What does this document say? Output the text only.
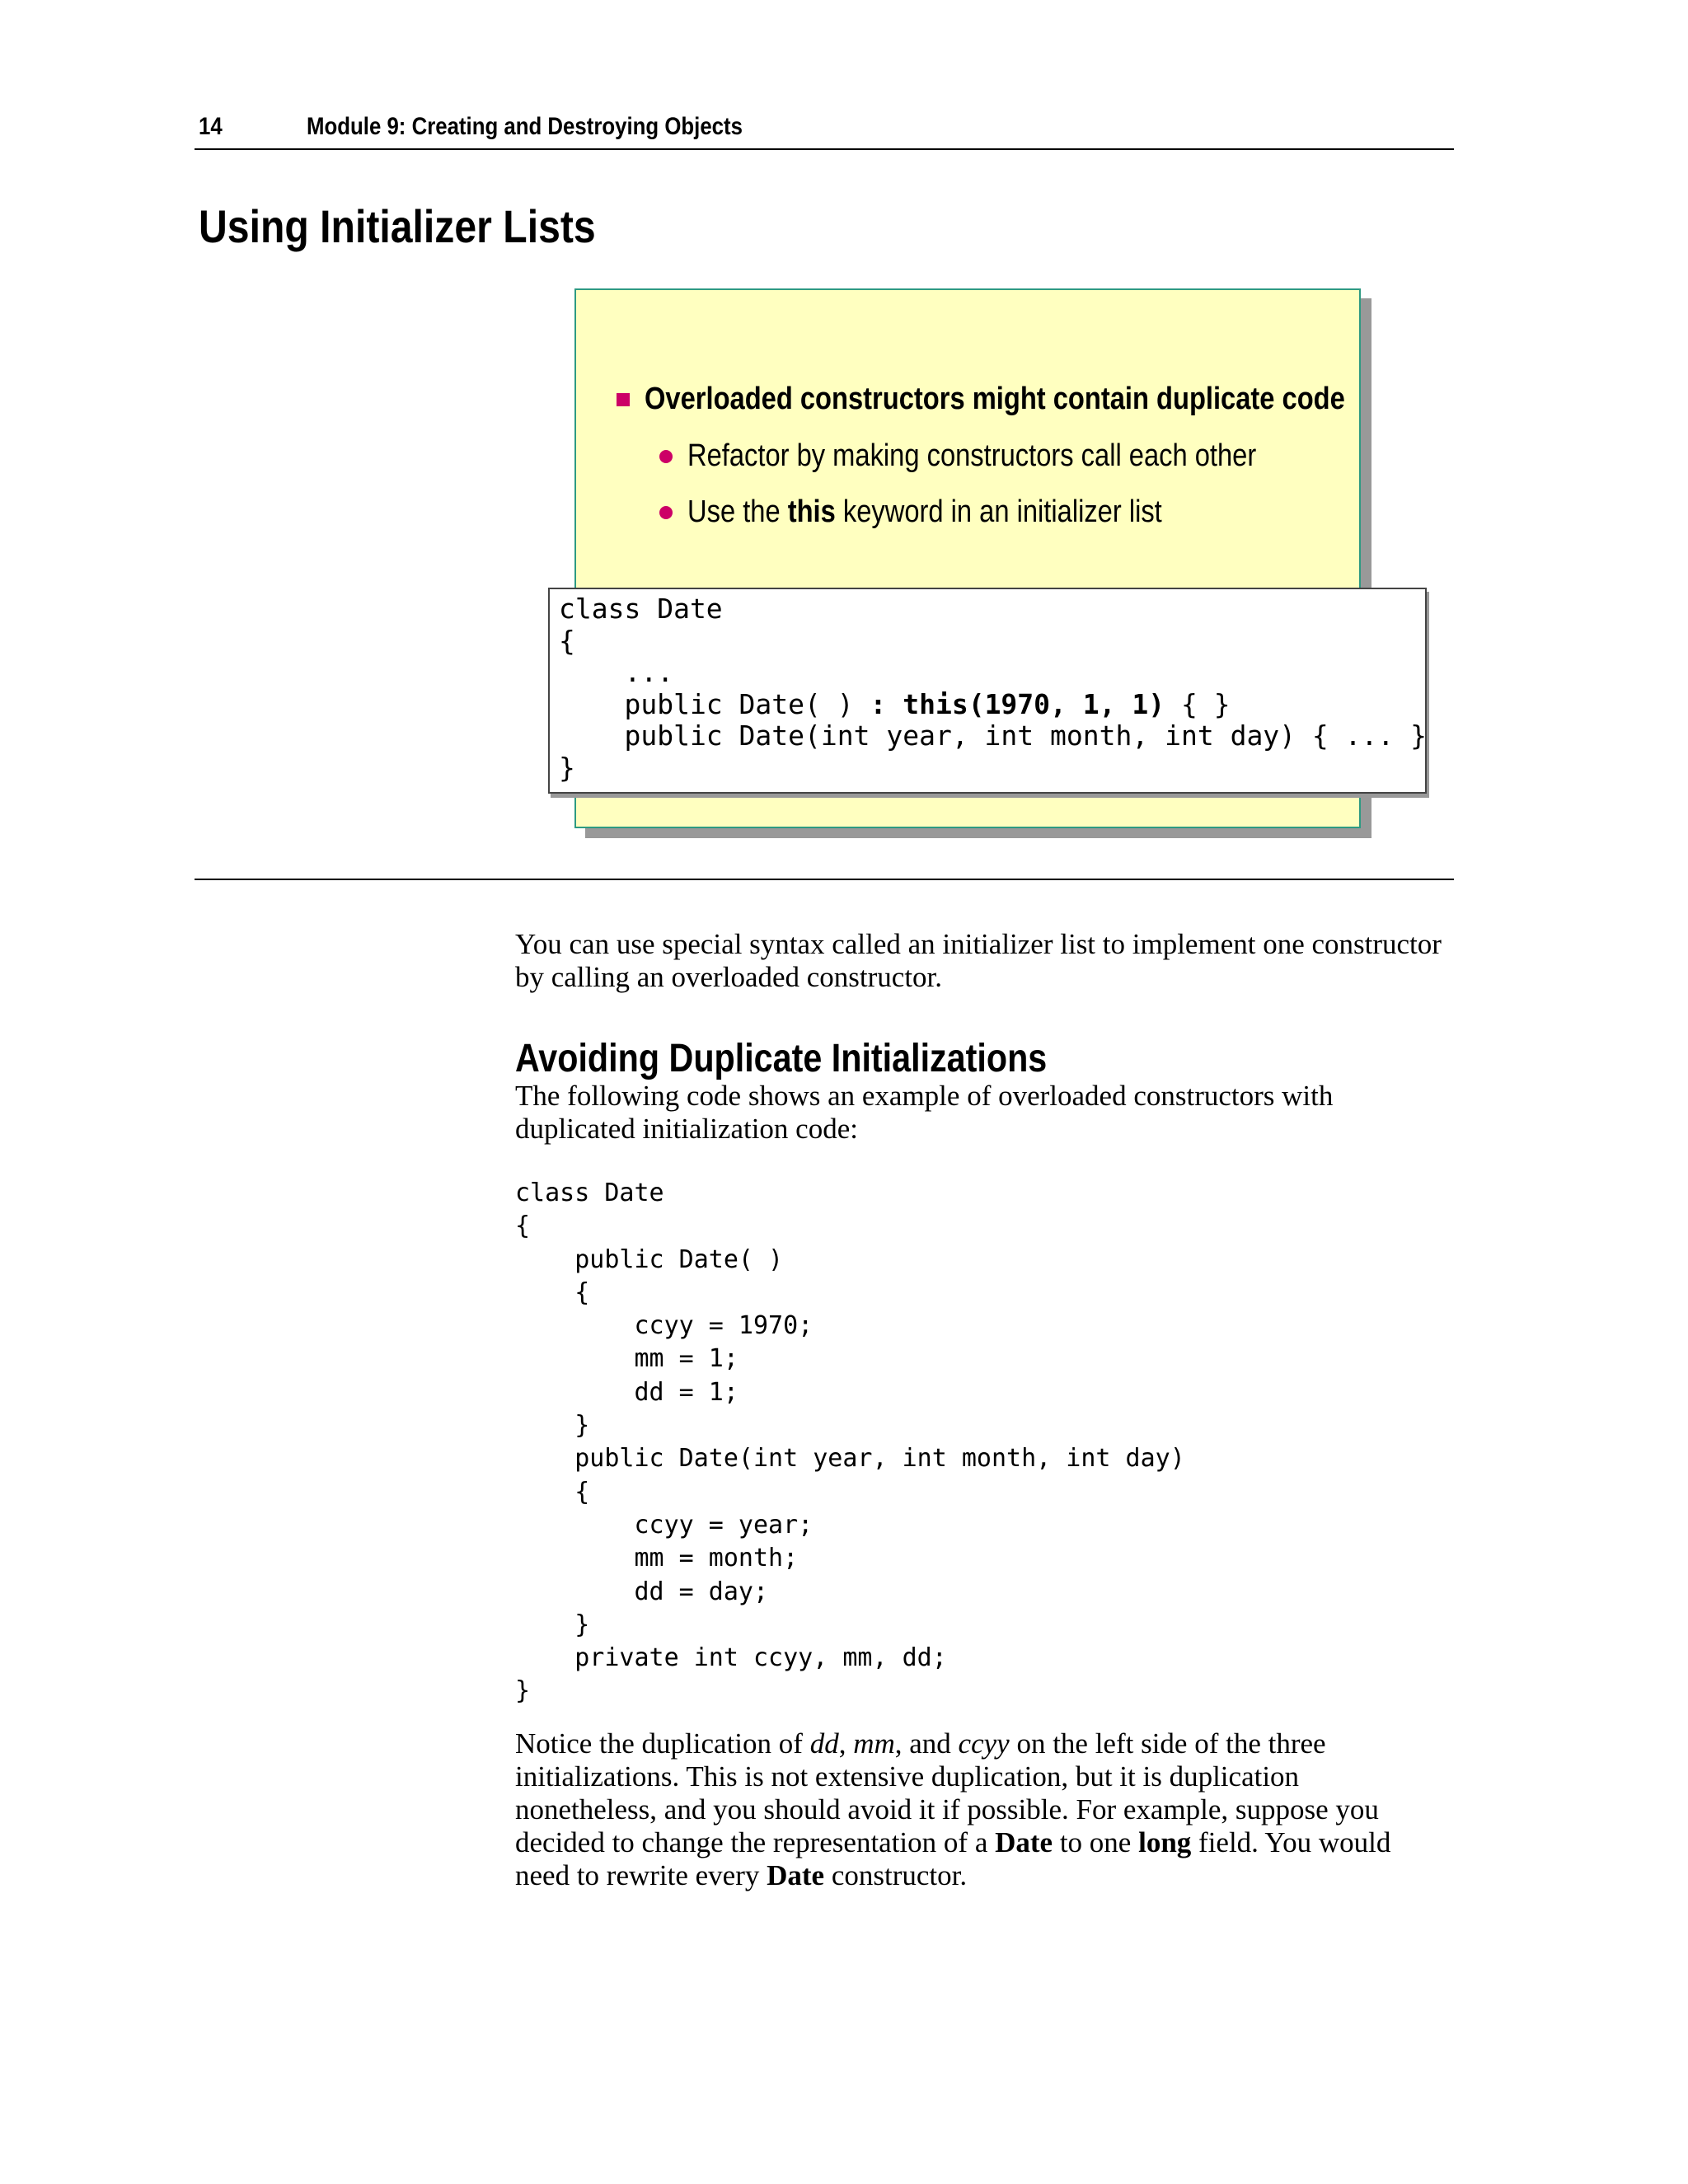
14	Module 9: Creating and Destroying Objects
Using Initializer Lists
Overloaded constructors might contain duplicate code
Refactor by making constructors call each other
Use the this keyword in an initializer list
class Date
{
...
public Date( ) : this(1970, 1, 1) { }
public Date(int year, int month, int day) { ... }
}

You can use special syntax called an initializer list to implement one constructor by calling an overloaded constructor.

Avoiding Duplicate Initializations

The following code shows an example of overloaded constructors with duplicated initialization code:

class Date
{
public Date( )
{
ccyy = 1970;
mm = 1;
dd = 1;
}
public Date(int year, int month, int day)
{
ccyy = year;
mm = month;
dd = day;
}
private int ccyy, mm, dd;
}

Notice the duplication of dd, mm, and ccyy on the left side of the three initializations. This is not extensive duplication, but it is duplication nonetheless, and you should avoid it if possible. For example, suppose you decided to change the representation of a Date to one long field. You would need to rewrite every Date constructor.
